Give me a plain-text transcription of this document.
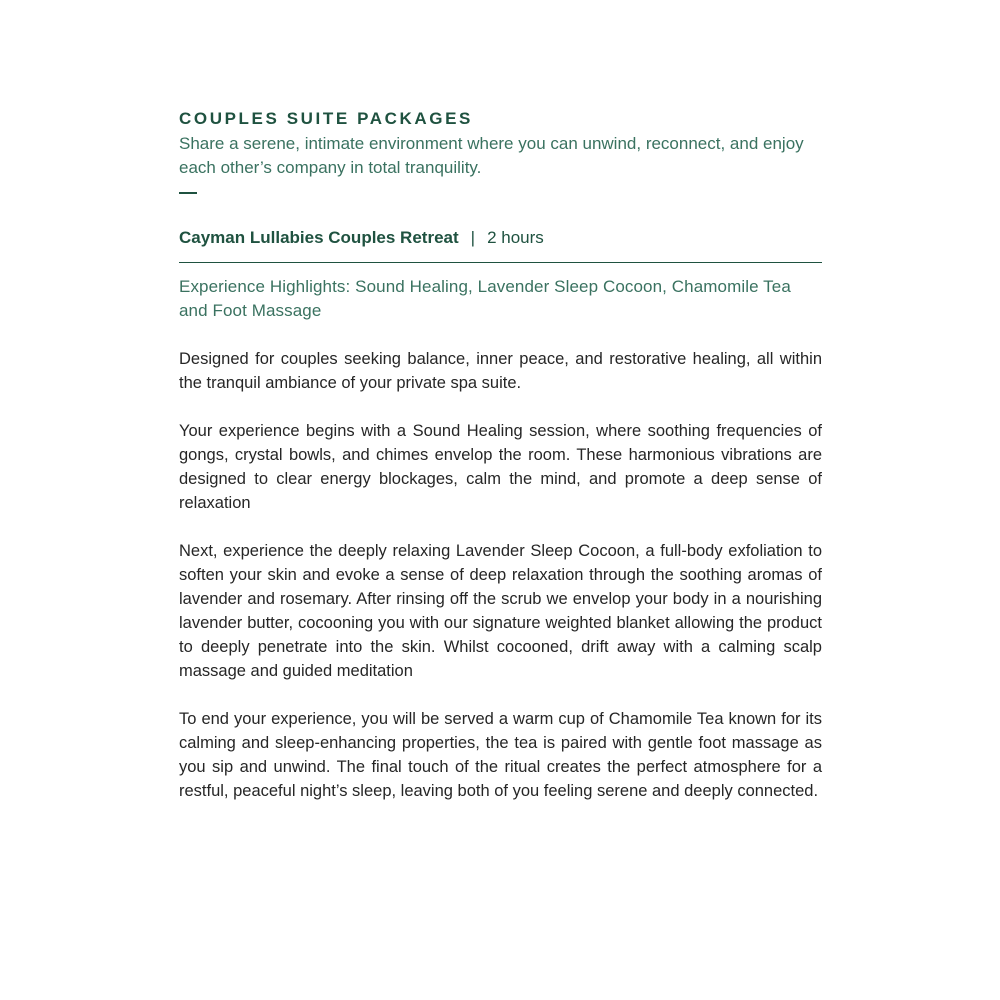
COUPLES SUITE PACKAGES

Share a serene, intimate environment where you can unwind, reconnect, and enjoy each other’s company in total tranquility.

Cayman Lullabies Couples Retreat | 2 hours

Experience Highlights: Sound Healing, Lavender Sleep Cocoon, Chamomile Tea and Foot Massage

Designed for couples seeking balance, inner peace, and restorative healing, all within the tranquil ambiance of your private spa suite.

Your experience begins with a Sound Healing session, where soothing frequencies of gongs, crystal bowls, and chimes envelop the room. These harmonious vibrations are designed to clear energy blockages, calm the mind, and promote a deep sense of relaxation

Next, experience the deeply relaxing Lavender Sleep Cocoon, a full-body exfoliation to soften your skin and evoke a sense of deep relaxation through the soothing aromas of lavender and rosemary. After rinsing off the scrub we envelop your body in a nourishing lavender butter, cocooning you with our signature weighted blanket allowing the product to deeply penetrate into the skin. Whilst cocooned, drift away with a calming scalp massage and guided meditation

To end your experience, you will be served a warm cup of Chamomile Tea known for its calming and sleep-enhancing properties, the tea is paired with gentle foot massage as you sip and unwind. The final touch of the ritual creates the perfect atmosphere for a restful, peaceful night’s sleep, leaving both of you feeling serene and deeply connected.
